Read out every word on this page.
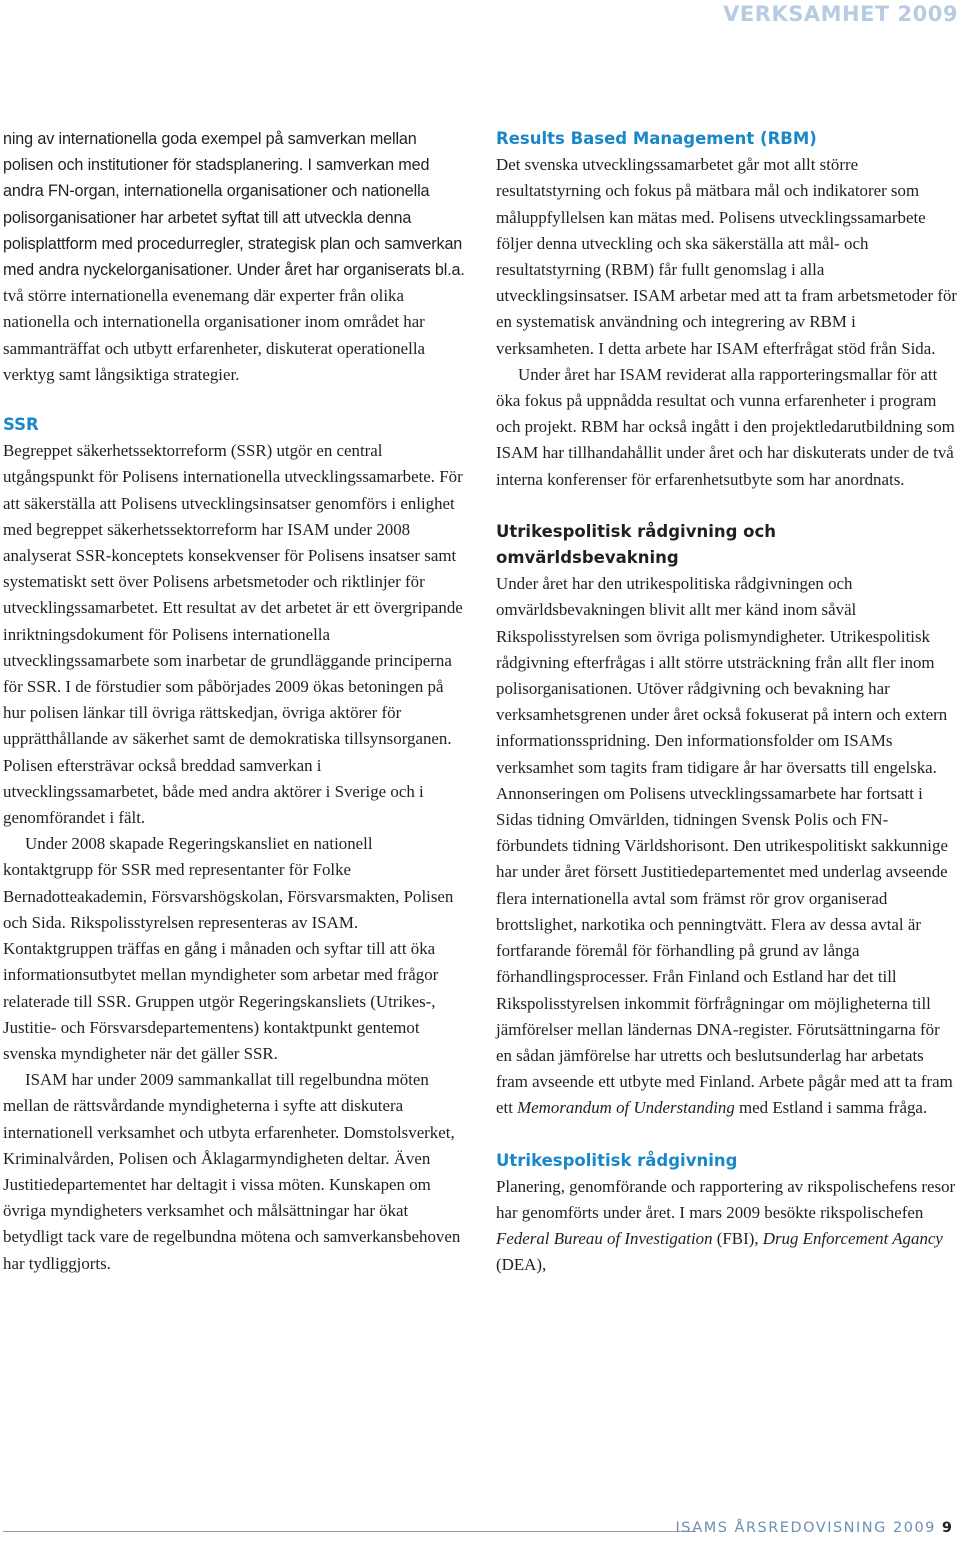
VERKSAMHET 2009

ning av internationella goda exempel på samverkan mellan polisen och institutioner för stadsplanering. I samverkan med andra FN-organ, internationella organisationer och nationella polisorganisationer har arbetet syftat till att utveckla denna polisplattform med procedurregler, strategisk plan och samverkan med andra nyckelorganisationer. Under året har organiserats bl.a. två större internationella evenemang där experter från olika nationella och internationella organisationer inom området har sammanträffat och utbytt erfarenheter, diskuterat operationella verktyg samt långsiktiga strategier.

SSR

Begreppet säkerhetssektorreform (SSR) utgör en central utgångspunkt för Polisens internationella utvecklingssamarbete. För att säkerställa att Polisens utvecklingsinsatser genomförs i enlighet med begreppet säkerhetssektorreform har ISAM under 2008 analyserat SSR-konceptets konsekvenser för Polisens insatser samt systematiskt sett över Polisens arbetsmetoder och riktlinjer för utvecklingssamarbetet. Ett resultat av det arbetet är ett övergripande inriktningsdokument för Polisens internationella utvecklingssamarbete som inarbetar de grundläggande principerna för SSR. I de förstudier som påbörjades 2009 ökas betoningen på hur polisen länkar till övriga rättskedjan, övriga aktörer för upprätthållande av säkerhet samt de demokratiska tillsynsorganen. Polisen eftersträvar också breddad samverkan i utvecklingssamarbetet, både med andra aktörer i Sverige och i genomförandet i fält.

Under 2008 skapade Regeringskansliet en nationell kontaktgrupp för SSR med representanter för Folke Bernadotteakademin, Försvarshögskolan, Försvarsmakten, Polisen och Sida. Rikspolisstyrelsen representeras av ISAM. Kontaktgruppen träffas en gång i månaden och syftar till att öka informationsutbytet mellan myndigheter som arbetar med frågor relaterade till SSR. Gruppen utgör Regeringskansliets (Utrikes-, Justitie- och Försvarsdepartementens) kontaktpunkt gentemot svenska myndigheter när det gäller SSR.

ISAM har under 2009 sammankallat till regelbundna möten mellan de rättsvårdande myndigheterna i syfte att diskutera internationell verksamhet och utbyta erfarenheter. Domstolsverket, Kriminalvården, Polisen och Åklagarmyndigheten deltar. Även Justitiedepartementet har deltagit i vissa möten. Kunskapen om övriga myndigheters verksamhet och målsättningar har ökat betydligt tack vare de regelbundna mötena och samverkansbehoven har tydliggjorts.

Results Based Management (RBM)

Det svenska utvecklingssamarbetet går mot allt större resultatstyrning och fokus på mätbara mål och indikatorer som måluppfyllelsen kan mätas med. Polisens utvecklingssamarbete följer denna utveckling och ska säkerställa att mål- och resultatstyrning (RBM) får fullt genomslag i alla utvecklingsinsatser. ISAM arbetar med att ta fram arbetsmetoder för en systematisk användning och integrering av RBM i verksamheten. I detta arbete har ISAM efterfrågat stöd från Sida.

Under året har ISAM reviderat alla rapporteringsmallar för att öka fokus på uppnådda resultat och vunna erfarenheter i program och projekt. RBM har också ingått i den projektledarutbildning som ISAM har tillhandahållit under året och har diskuterats under de två interna konferenser för erfarenhetsutbyte som har anordnats.

Utrikespolitisk rådgivning och omvärldsbevakning

Under året har den utrikespolitiska rådgivningen och omvärldsbevakningen blivit allt mer känd inom såväl Rikspolisstyrelsen som övriga polismyndigheter. Utrikespolitisk rådgivning efterfrågas i allt större utsträckning från allt fler inom polisorganisationen. Utöver rådgivning och bevakning har verksamhetsgrenen under året också fokuserat på intern och extern informationsspridning. Den informationsfolder om ISAMs verksamhet som tagits fram tidigare år har översatts till engelska. Annonseringen om Polisens utvecklingssamarbete har fortsatt i Sidas tidning Omvärlden, tidningen Svensk Polis och FN-förbundets tidning Världshorisont. Den utrikespolitiskt sakkunnige har under året försett Justitiedepartementet med underlag avseende flera internationella avtal som främst rör grov organiserad brottslighet, narkotika och penningtvätt. Flera av dessa avtal är fortfarande föremål för förhandling på grund av långa förhandlingsprocesser. Från Finland och Estland har det till Rikspolisstyrelsen inkommit förfrågningar om möjligheterna till jämförelser mellan ländernas DNA-register. Förutsättningarna för en sådan jämförelse har utretts och beslutsunderlag har arbetats fram avseende ett utbyte med Finland. Arbete pågår med att ta fram ett Memorandum of Understanding med Estland i samma fråga.

Utrikespolitisk rådgivning

Planering, genomförande och rapportering av rikspolischefens resor har genomförts under året. I mars 2009 besökte rikspolischefen Federal Bureau of Investigation (FBI), Drug Enforcement Agancy (DEA),

ISAMS ÅRSREDOVISNING 2009 9
